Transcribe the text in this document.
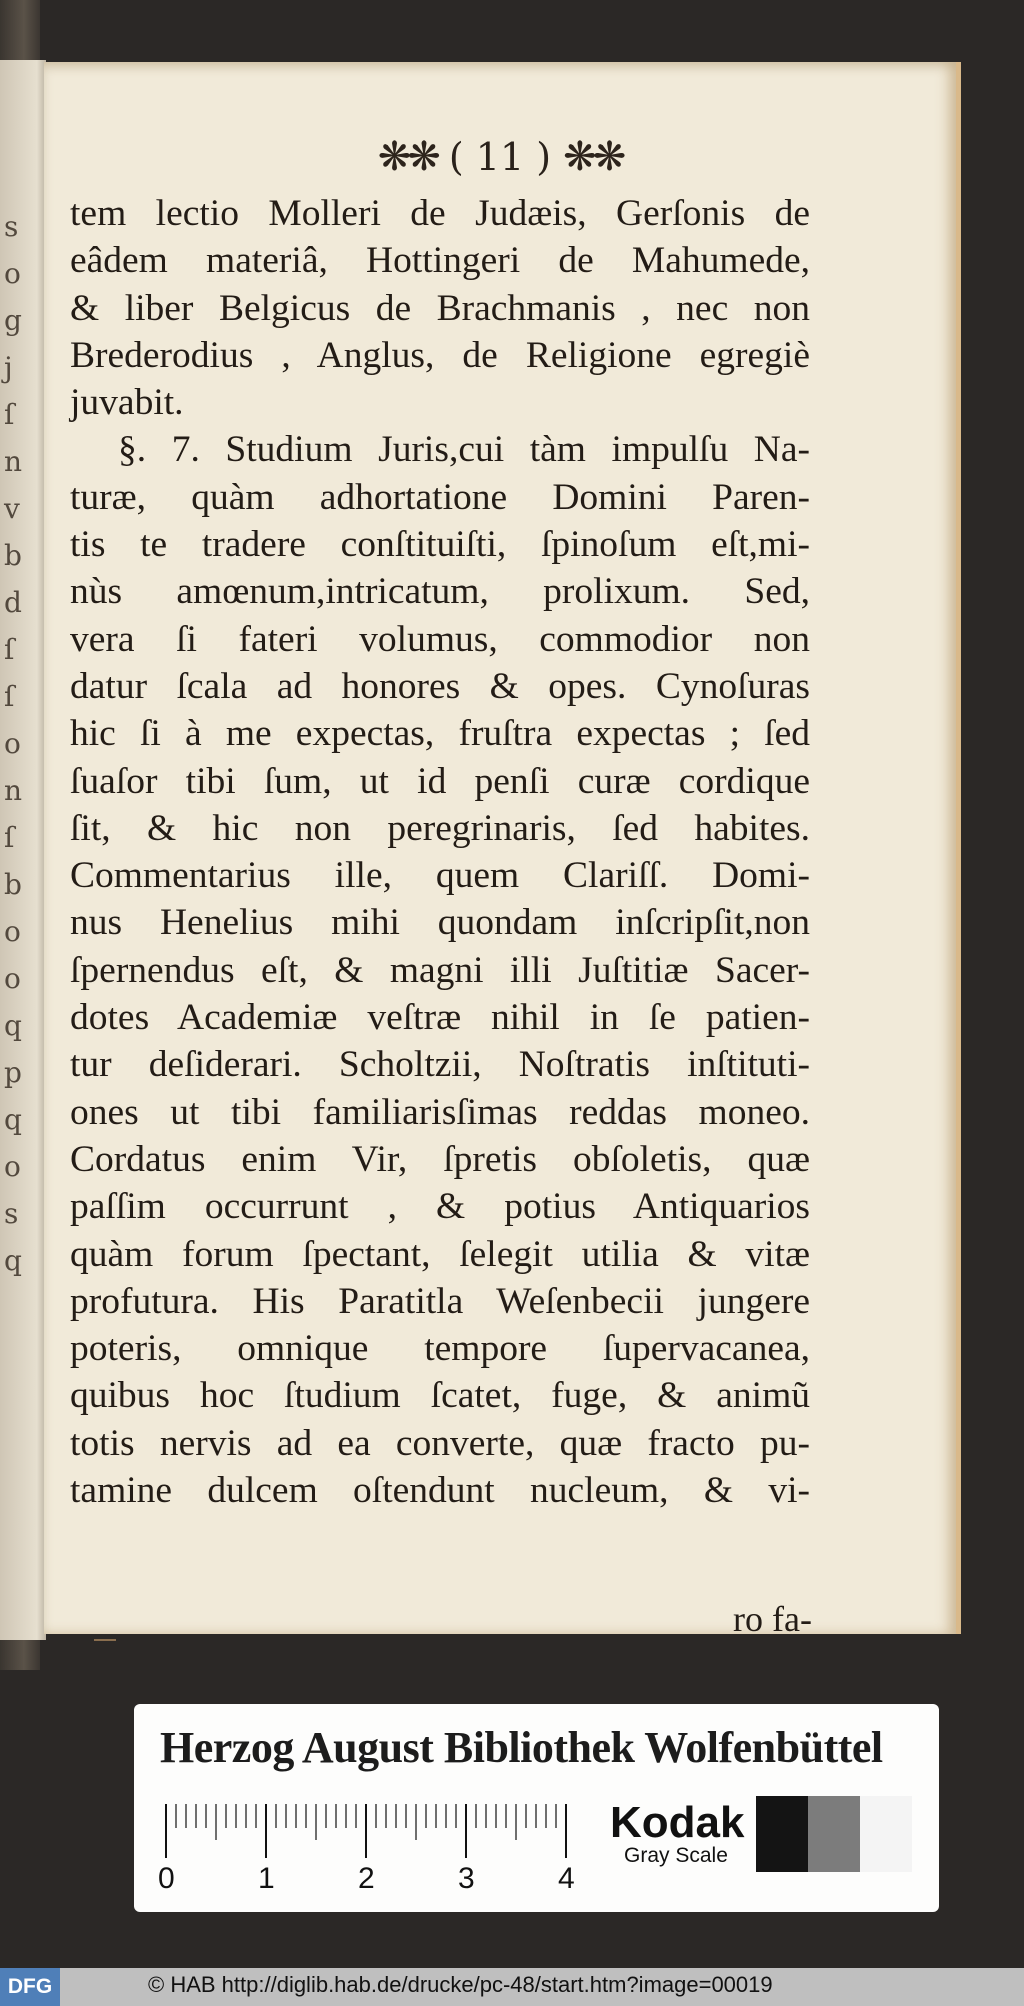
s
o
g
j
ſ
n
v
b
d
ſ
ſ
o
n
ſ
b
o
o
q
p
q
o
s
q
❋❋ ( 11 ) ❋❋
tem lectio Molleri de Judæis, Gerſonis de
eâdem materiâ, Hottingeri de Mahumede,
& liber Belgicus de Brachmanis , nec non
Brederodius , Anglus, de Religione egregiè
juvabit.
§. 7. Studium Juris,cui tàm impulſu Na-
turæ, quàm adhortatione Domini Paren-
tis te tradere conſtituiſti, ſpinoſum eſt,mi-
nùs amœnum,intricatum, prolixum. Sed,
vera ſi fateri volumus, commodior non
datur ſcala ad honores & opes. Cynoſuras
hic ſi à me expectas, fruſtra expectas ; ſed
ſuaſor tibi ſum, ut id penſi curæ cordique
ſit, & hic non peregrinaris, ſed habites.
Commentarius ille, quem Clariſſ. Domi-
nus Henelius mihi quondam inſcripſit,non
ſpernendus eſt, & magni illi Juſtitiæ Sacer-
dotes Academiæ veſtræ nihil in ſe patien-
tur deſiderari. Scholtzii, Noſtratis inſtituti-
ones ut tibi familiarisſimas reddas moneo.
Cordatus enim Vir, ſpretis obſoletis, quæ
paſſim occurrunt , & potius Antiquarios
quàm forum ſpectant, ſelegit utilia & vitæ
profutura. His Paratitla Weſenbecii jungere
poteris, omnique tempore ſupervacanea,
quibus hoc ſtudium ſcatet, fuge, & animũ
totis nervis ad ea converte, quæ fracto pu-
tamine dulcem oſtendunt nucleum, & vi-
ro fa-
Herzog August Bibliothek Wolfenbüttel
0	1	2	3	4
Kodak
Gray Scale
DFG	© HAB http://diglib.hab.de/drucke/pc-48/start.htm?image=00019
